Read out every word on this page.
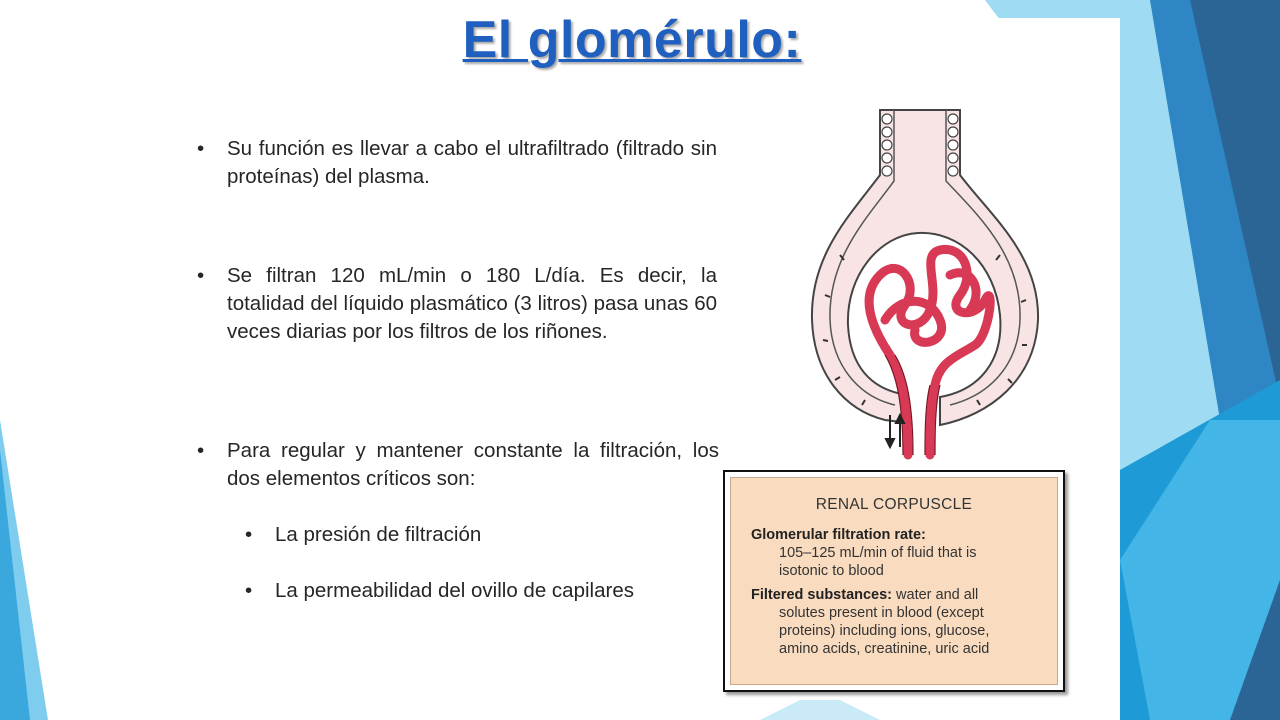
El glomérulo:
• Su función es llevar a cabo el ultrafiltrado (filtrado sin proteínas) del plasma.
• Se filtran 120 mL/min o 180 L/día. Es decir, la totalidad del líquido plasmático (3 litros) pasa unas 60 veces diarias por los filtros de los riñones.
• Para regular y mantener constante la filtración, los dos elementos críticos son:
• La presión de filtración
• La permeabilidad del ovillo de capilares
RENAL CORPUSCLE
Glomerular filtration rate:
105–125 mL/min of fluid that is
isotonic to blood
Filtered substances: water and all
solutes present in blood (except
proteins) including ions, glucose,
amino acids, creatinine, uric acid
